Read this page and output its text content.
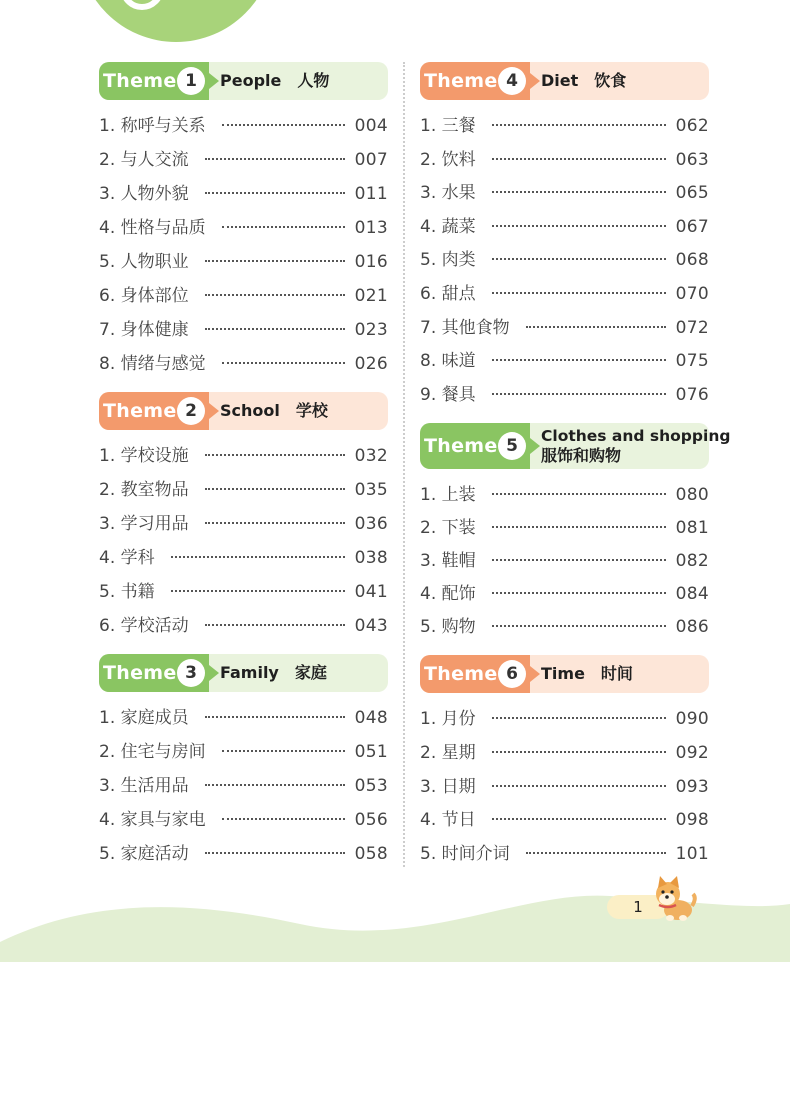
Theme 1	People 人物
1. 称呼与关系	004
2. 与人交流	007
3. 人物外貌	011
4. 性格与品质	013
5. 人物职业	016
6. 身体部位	021
7. 身体健康	023
8. 情绪与感觉	026
Theme 2	School 学校
1. 学校设施	032
2. 教室物品	035
3. 学习用品	036
4. 学科	038
5. 书籍	041
6. 学校活动	043
Theme 3	Family 家庭
1. 家庭成员	048
2. 住宅与房间	051
3. 生活用品	053
4. 家具与家电	056
5. 家庭活动	058
Theme 4	Diet 饮食
1. 三餐	062
2. 饮料	063
3. 水果	065
4. 蔬菜	067
5. 肉类	068
6. 甜点	070
7. 其他食物	072
8. 味道	075
9. 餐具	076
Theme 5	Clothes and shopping
服饰和购物
1. 上装	080
2. 下装	081
3. 鞋帽	082
4. 配饰	084
5. 购物	086
Theme 6	Time 时间
1. 月份	090
2. 星期	092
3. 日期	093
4. 节日	098
5. 时间介词	101
1
